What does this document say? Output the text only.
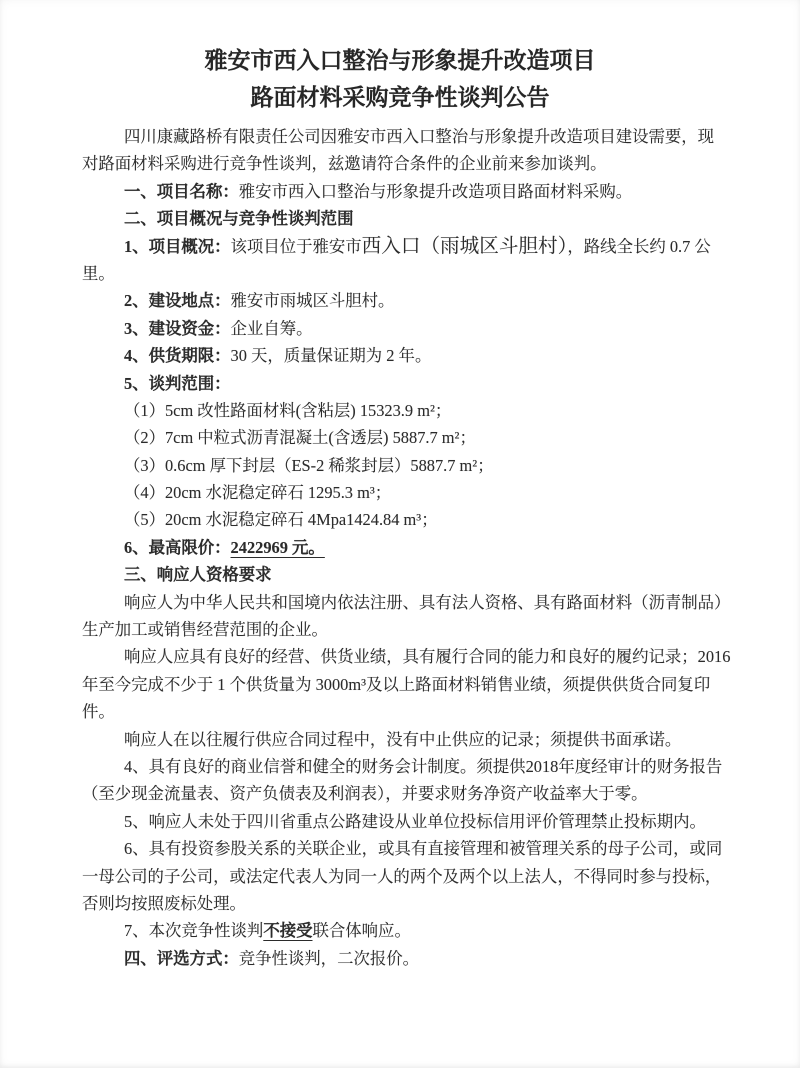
雅安市西入口整治与形象提升改造项目
路面材料采购竞争性谈判公告
四川康藏路桥有限责任公司因雅安市西入口整治与形象提升改造项目建设需要，现
对路面材料采购进行竞争性谈判，兹邀请符合条件的企业前来参加谈判。
一、项目名称：雅安市西入口整治与形象提升改造项目路面材料采购。
二、项目概况与竞争性谈判范围
1、项目概况：该项目位于雅安市西入口（雨城区斗胆村），路线全长约 0.7 公
里。
2、建设地点：雅安市雨城区斗胆村。
3、建设资金：企业自筹。
4、供货期限：30 天，质量保证期为 2 年。
5、谈判范围：
（1）5cm 改性路面材料(含粘层) 15323.9 m²；
（2）7cm 中粒式沥青混凝土(含透层) 5887.7 m²；
（3）0.6cm 厚下封层（ES-2 稀浆封层）5887.7 m²；
（4）20cm 水泥稳定碎石 1295.3 m³；
（5）20cm 水泥稳定碎石 4Mpa1424.84 m³；
6、最高限价：2422969 元。
三、响应人资格要求
响应人为中华人民共和国境内依法注册、具有法人资格、具有路面材料（沥青制品）
生产加工或销售经营范围的企业。
响应人应具有良好的经营、供货业绩，具有履行合同的能力和良好的履约记录；2016
年至今完成不少于 1 个供货量为 3000m³及以上路面材料销售业绩，须提供供货合同复印
件。
响应人在以往履行供应合同过程中，没有中止供应的记录；须提供书面承诺。
4、具有良好的商业信誉和健全的财务会计制度。须提供2018年度经审计的财务报告
（至少现金流量表、资产负债表及利润表），并要求财务净资产收益率大于零。
5、响应人未处于四川省重点公路建设从业单位投标信用评价管理禁止投标期内。
6、具有投资参股关系的关联企业，或具有直接管理和被管理关系的母子公司，或同
一母公司的子公司，或法定代表人为同一人的两个及两个以上法人，不得同时参与投标，
否则均按照废标处理。
7、本次竞争性谈判不接受联合体响应。
四、评选方式：竞争性谈判，二次报价。
